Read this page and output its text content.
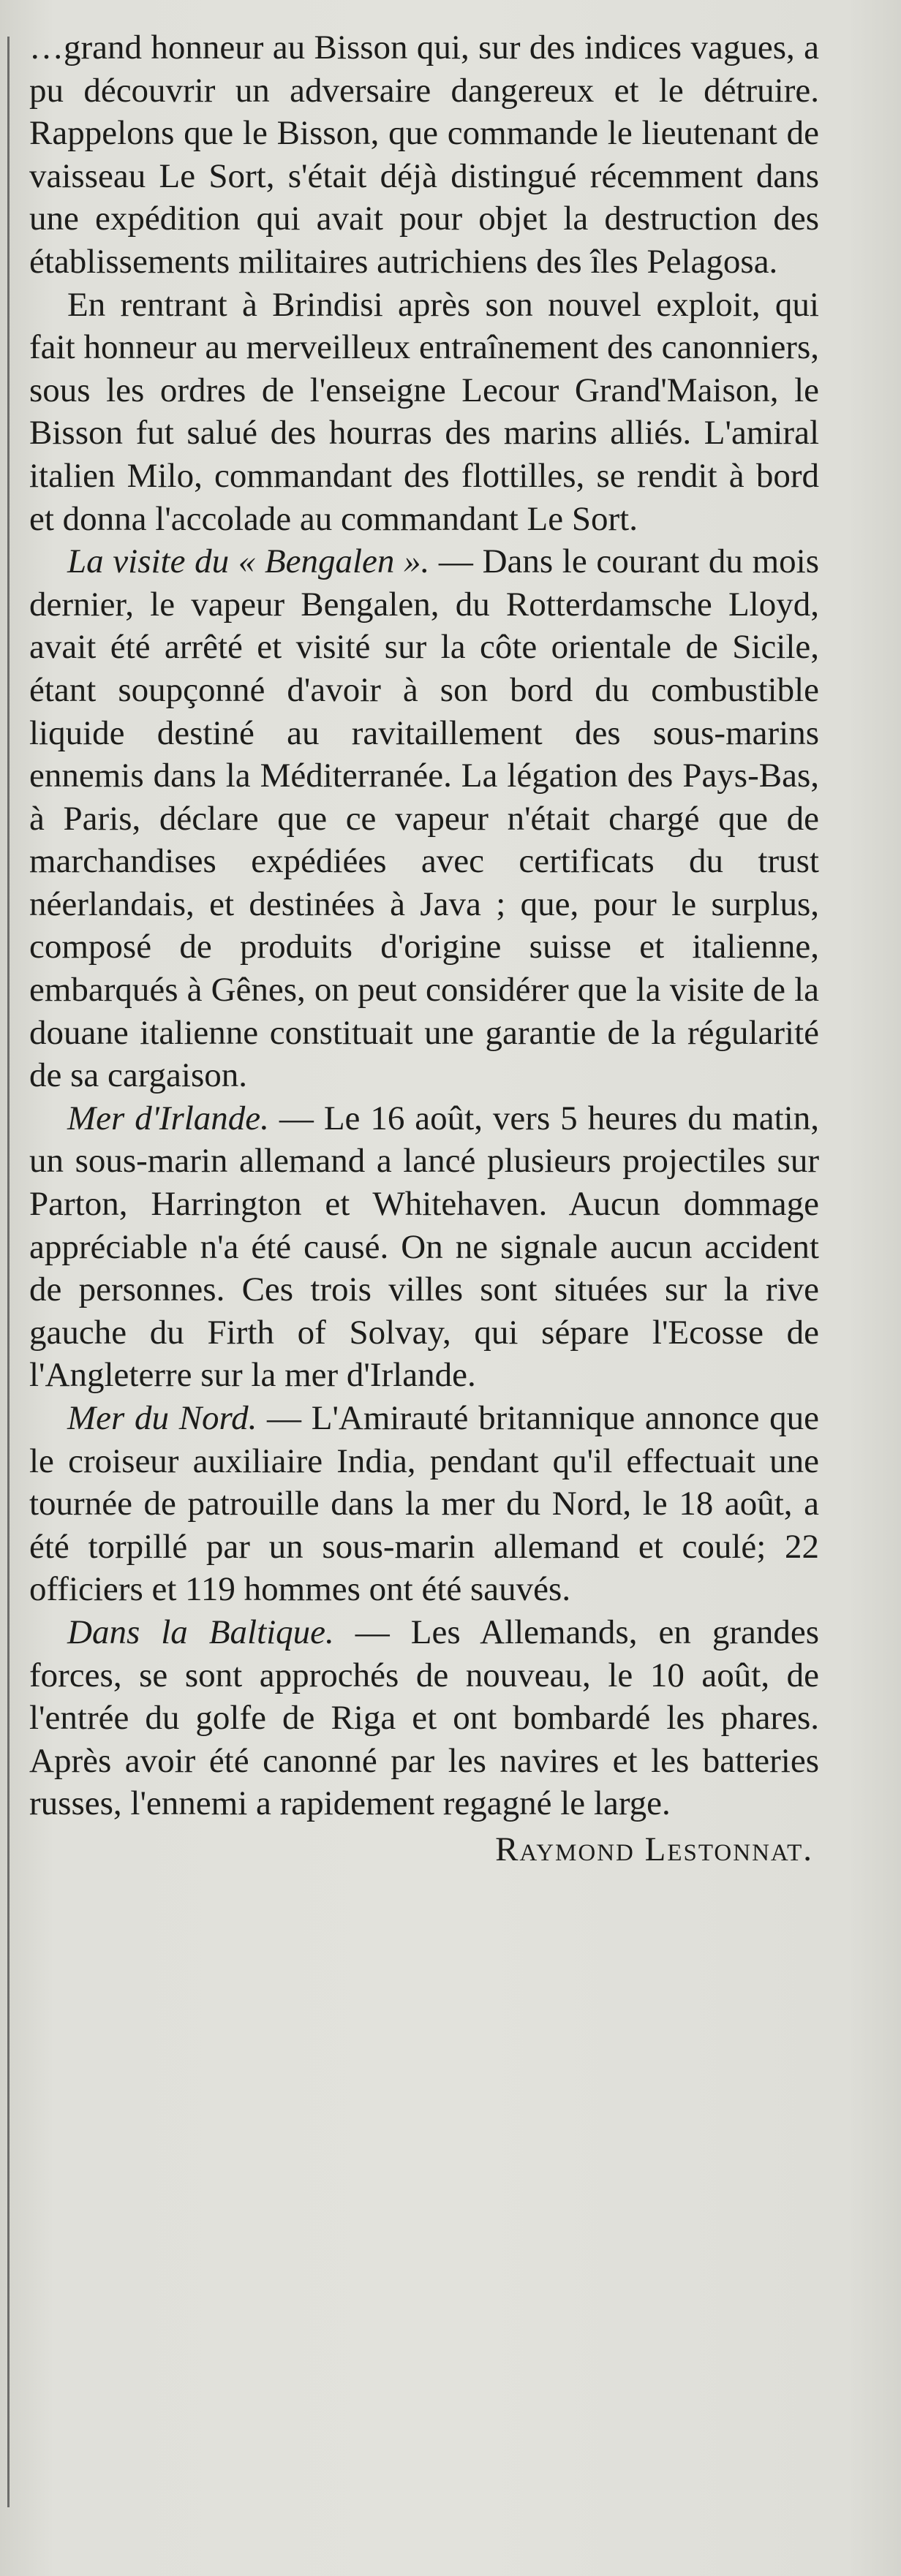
…grand honneur au Bisson qui, sur des indices vagues, a pu découvrir un adversaire dangereux et le détruire. Rappelons que le Bisson, que commande le lieutenant de vaisseau Le Sort, s'était déjà distingué récemment dans une expédition qui avait pour objet la destruction des établissements militaires autrichiens des îles Pelagosa.

En rentrant à Brindisi après son nouvel exploit, qui fait honneur au merveilleux entraînement des canonniers, sous les ordres de l'enseigne Lecour Grand'Maison, le Bisson fut salué des hourras des marins alliés. L'amiral italien Milo, commandant des flottilles, se rendit à bord et donna l'accolade au commandant Le Sort.

La visite du « Bengalen ». — Dans le courant du mois dernier, le vapeur Bengalen, du Rotterdamsche Lloyd, avait été arrêté et visité sur la côte orientale de Sicile, étant soupçonné d'avoir à son bord du combustible liquide destiné au ravitaillement des sous-marins ennemis dans la Méditerranée. La légation des Pays-Bas, à Paris, déclare que ce vapeur n'était chargé que de marchandises expédiées avec certificats du trust néerlandais, et destinées à Java ; que, pour le surplus, composé de produits d'origine suisse et italienne, embarqués à Gênes, on peut considérer que la visite de la douane italienne constituait une garantie de la régularité de sa cargaison.

Mer d'Irlande. — Le 16 août, vers 5 heures du matin, un sous-marin allemand a lancé plusieurs projectiles sur Parton, Harrington et Whitehaven. Aucun dommage appréciable n'a été causé. On ne signale aucun accident de personnes. Ces trois villes sont situées sur la rive gauche du Firth of Solvay, qui sépare l'Ecosse de l'Angleterre sur la mer d'Irlande.

Mer du Nord. — L'Amirauté britannique annonce que le croiseur auxiliaire India, pendant qu'il effectuait une tournée de patrouille dans la mer du Nord, le 18 août, a été torpillé par un sous-marin allemand et coulé; 22 officiers et 119 hommes ont été sauvés.

Dans la Baltique. — Les Allemands, en grandes forces, se sont approchés de nouveau, le 10 août, de l'entrée du golfe de Riga et ont bombardé les phares. Après avoir été canonné par les navires et les batteries russes, l'ennemi a rapidement regagné le large.

Raymond Lestonnat.
